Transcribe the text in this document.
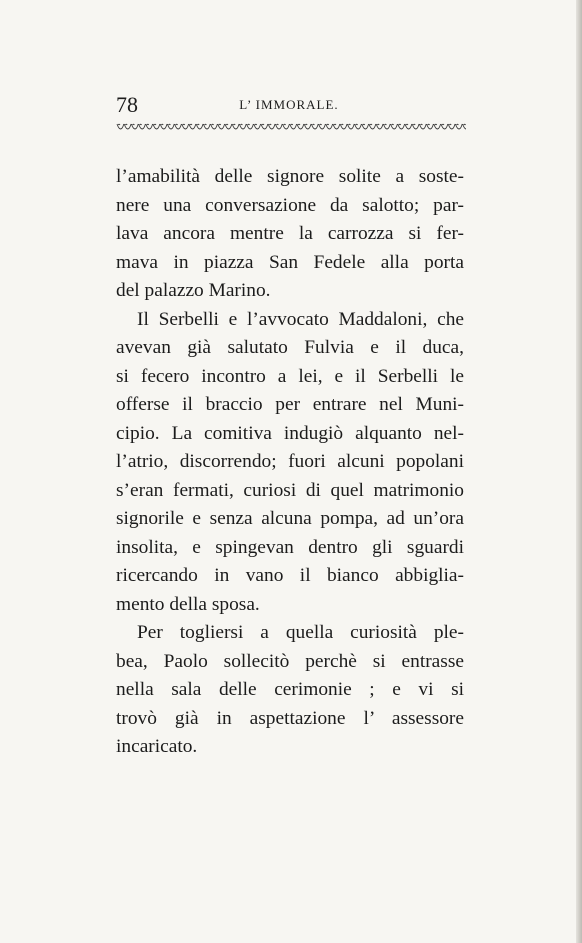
78	L’ IMMORALE.

l’amabilità delle signore solite a soste-
nere una conversazione da salotto; par-
lava ancora mentre la carrozza si fer-
mava in piazza San Fedele alla porta
del palazzo Marino.

Il Serbelli e l’avvocato Maddaloni, che
avevan già salutato Fulvia e il duca,
si fecero incontro a lei, e il Serbelli le
offerse il braccio per entrare nel Muni-
cipio. La comitiva indugiò alquanto nel-
l’atrio, discorrendo; fuori alcuni popolani
s’eran fermati, curiosi di quel matrimonio
signorile e senza alcuna pompa, ad un’ora
insolita, e spingevan dentro gli sguardi
ricercando in vano il bianco abbiglia-
mento della sposa.

Per togliersi a quella curiosità ple-
bea, Paolo sollecitò perchè si entrasse
nella sala delle cerimonie ; e vi si
trovò già in aspettazione l’ assessore
incaricato.
